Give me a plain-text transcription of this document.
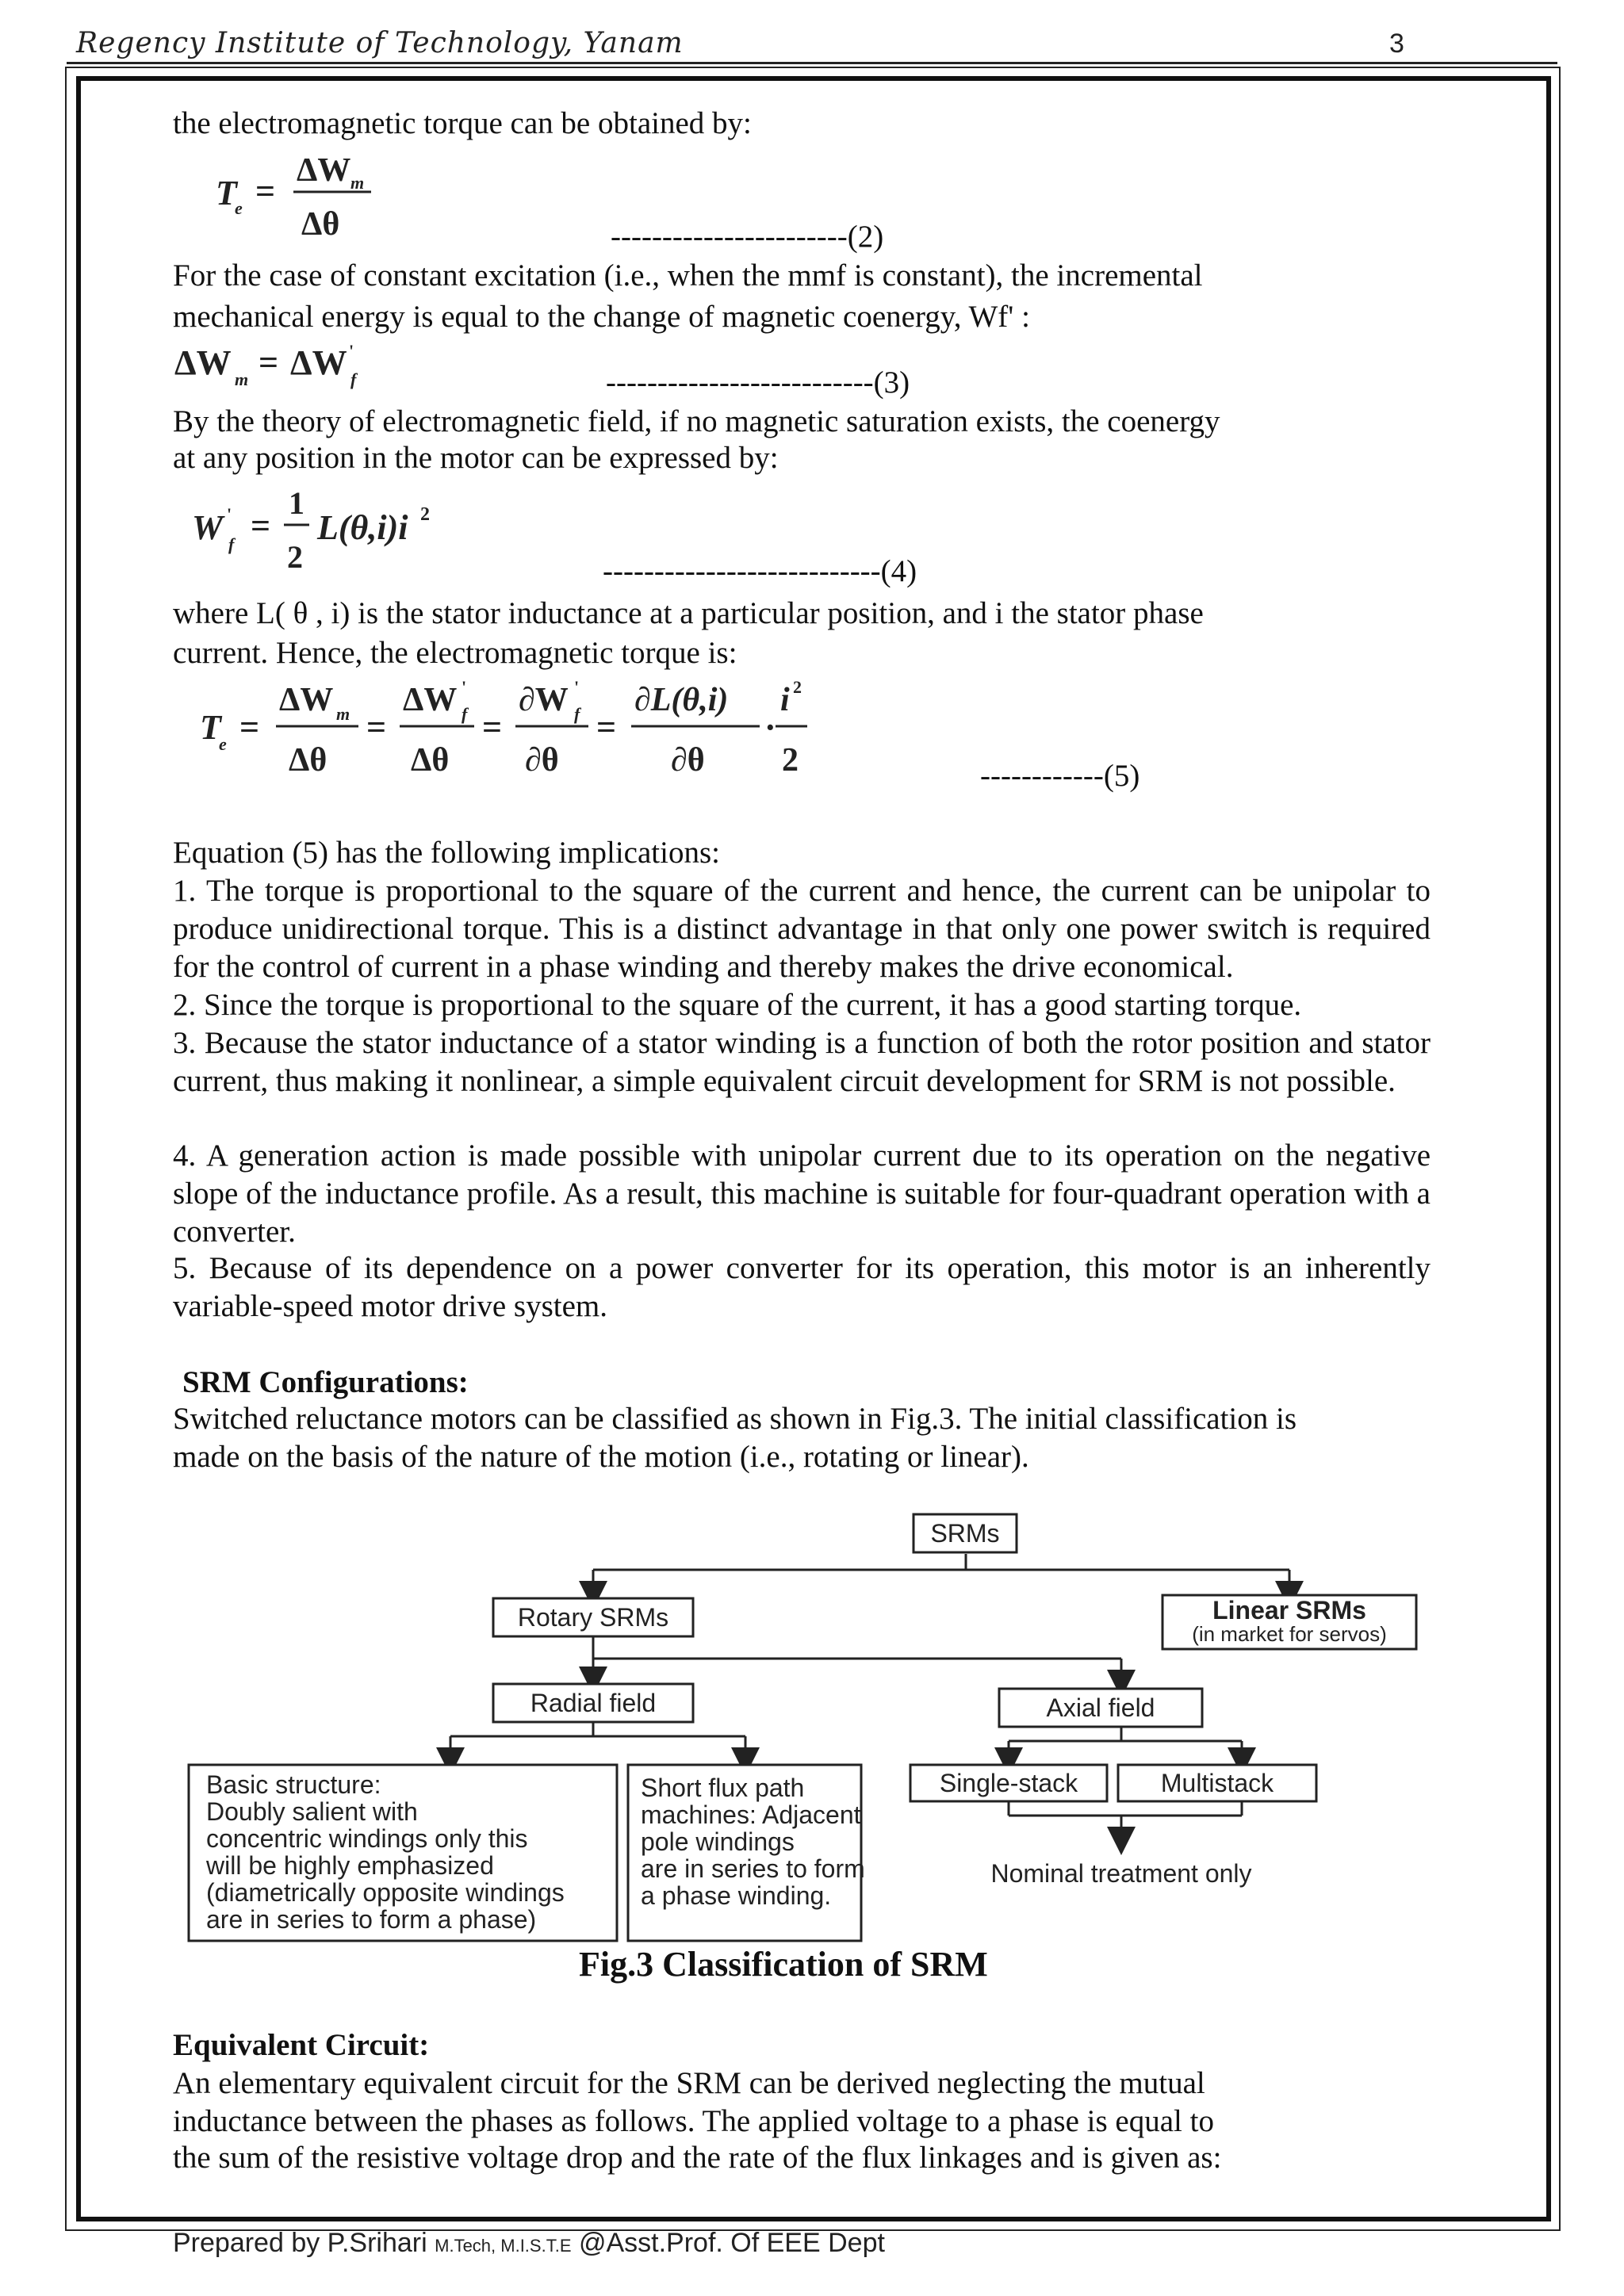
Regency Institute of Technology, Yanam	3
the electromagnetic torque can be obtained by:
T
e =
ΔW m
Δθ	-----------------------(2)
For the case of constant excitation (i.e., when the mmf is constant), the incremental
mechanical energy is equal to the change of magnetic coenergy, Wf' :
ΔW m = ΔW '
f	--------------------------(3)
By the theory of electromagnetic field, if no magnetic saturation exists, the coenergy
at any position in the motor can be expressed by:
W '
f =
1
2
L(θ,i)i 2
---------------------------(4)
where L( θ , i) is the stator inductance at a particular position, and i the stator phase
current. Hence, the electromagnetic torque is:
T
e =
ΔW m
Δθ
=
ΔW '
f
Δθ
=
∂W '
f
∂θ
=
∂L(θ,i)
∂θ
·
i 2
2	------------(5)
Equation (5) has the following implications:
1. The torque is proportional to the square of the current and hence, the current can be unipolar to produce unidirectional torque. This is a distinct advantage in that only one power switch is required for the control of current in a phase winding and thereby makes the drive economical.
2. Since the torque is proportional to the square of the current, it has a good starting torque.
3. Because the stator inductance of a stator winding is a function of both the rotor position and stator current, thus making it nonlinear, a simple equivalent circuit development for SRM is not possible.
4. A generation action is made possible with unipolar current due to its operation on the negative slope of the inductance profile. As a result, this machine is suitable for four-quadrant operation with a converter.
5. Because of its dependence on a power converter for its operation, this motor is an inherently variable-speed motor drive system.
SRM Configurations:
Switched reluctance motors can be classified as shown in Fig.3. The initial classification is
made on the basis of the nature of the motion (i.e., rotating or linear).
SRMs
Rotary SRMs	Linear SRMs
(in market for servos)
Radial field	Axial field
Basic structure:
Doubly salient with
concentric windings only this
will be highly emphasized
(diametrically opposite windings
are in series to form a phase)
Short flux path
machines: Adjacent
pole windings
are in series to form
a phase winding.
Single-stack	Multistack
Nominal treatment only
Fig.3 Classification of SRM
Equivalent Circuit:
An elementary equivalent circuit for the SRM can be derived neglecting the mutual
inductance between the phases as follows. The applied voltage to a phase is equal to
the sum of the resistive voltage drop and the rate of the flux linkages and is given as:
Prepared by P.Srihari M.Tech, M.I.S.T.E @Asst.Prof. Of EEE Dept
